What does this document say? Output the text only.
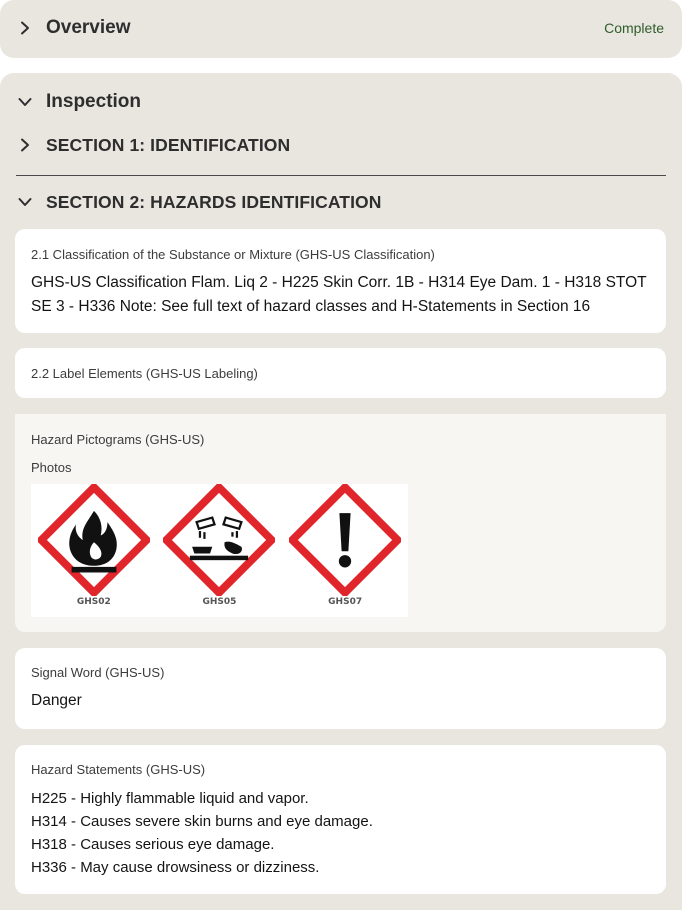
Overview	Complete
Inspection
SECTION 1: IDENTIFICATION
SECTION 2: HAZARDS IDENTIFICATION
2.1 Classification of the Substance or Mixture (GHS-US Classification)
GHS-US Classification Flam. Liq 2 - H225 Skin Corr. 1B - H314 Eye Dam. 1 - H318 STOT SE 3 - H336 Note: See full text of hazard classes and H-Statements in Section 16
2.2 Label Elements (GHS-US Labeling)
Hazard Pictograms (GHS-US)
Photos
GHS02	GHS05	GHS07
Signal Word (GHS-US)
Danger
Hazard Statements (GHS-US)
H225 - Highly flammable liquid and vapor.
H314 - Causes severe skin burns and eye damage.
H318 - Causes serious eye damage.
H336 - May cause drowsiness or dizziness.
